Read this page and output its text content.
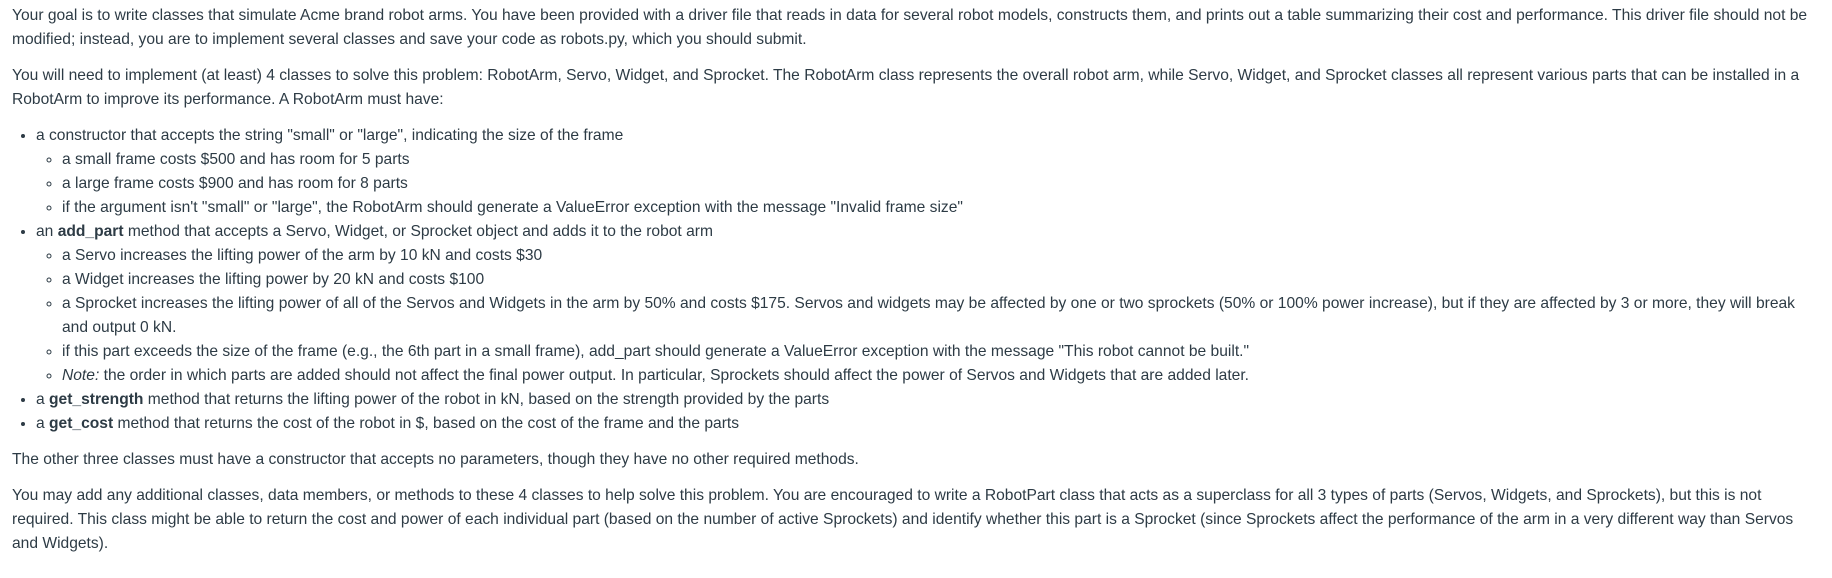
Your goal is to write classes that simulate Acme brand robot arms. You have been provided with a driver file that reads in data for several robot models, constructs them, and prints out a table summarizing their cost and performance. This driver file should not be modified; instead, you are to implement several classes and save your code as robots.py, which you should submit.

You will need to implement (at least) 4 classes to solve this problem: RobotArm, Servo, Widget, and Sprocket. The RobotArm class represents the overall robot arm, while Servo, Widget, and Sprocket classes all represent various parts that can be installed in a RobotArm to improve its performance. A RobotArm must have:

• a constructor that accepts the string "small" or "large", indicating the size of the frame
◦ a small frame costs $500 and has room for 5 parts
◦ a large frame costs $900 and has room for 8 parts
◦ if the argument isn't "small" or "large", the RobotArm should generate a ValueError exception with the message "Invalid frame size"
• an add_part method that accepts a Servo, Widget, or Sprocket object and adds it to the robot arm
◦ a Servo increases the lifting power of the arm by 10 kN and costs $30
◦ a Widget increases the lifting power by 20 kN and costs $100
◦ a Sprocket increases the lifting power of all of the Servos and Widgets in the arm by 50% and costs $175. Servos and widgets may be affected by one or two sprockets (50% or 100% power increase), but if they are affected by 3 or more, they will break and output 0 kN.
◦ if this part exceeds the size of the frame (e.g., the 6th part in a small frame), add_part should generate a ValueError exception with the message "This robot cannot be built."
◦ Note: the order in which parts are added should not affect the final power output. In particular, Sprockets should affect the power of Servos and Widgets that are added later.
• a get_strength method that returns the lifting power of the robot in kN, based on the strength provided by the parts
• a get_cost method that returns the cost of the robot in $, based on the cost of the frame and the parts

The other three classes must have a constructor that accepts no parameters, though they have no other required methods.

You may add any additional classes, data members, or methods to these 4 classes to help solve this problem. You are encouraged to write a RobotPart class that acts as a superclass for all 3 types of parts (Servos, Widgets, and Sprockets), but this is not required. This class might be able to return the cost and power of each individual part (based on the number of active Sprockets) and identify whether this part is a Sprocket (since Sprockets affect the performance of the arm in a very different way than Servos and Widgets).
